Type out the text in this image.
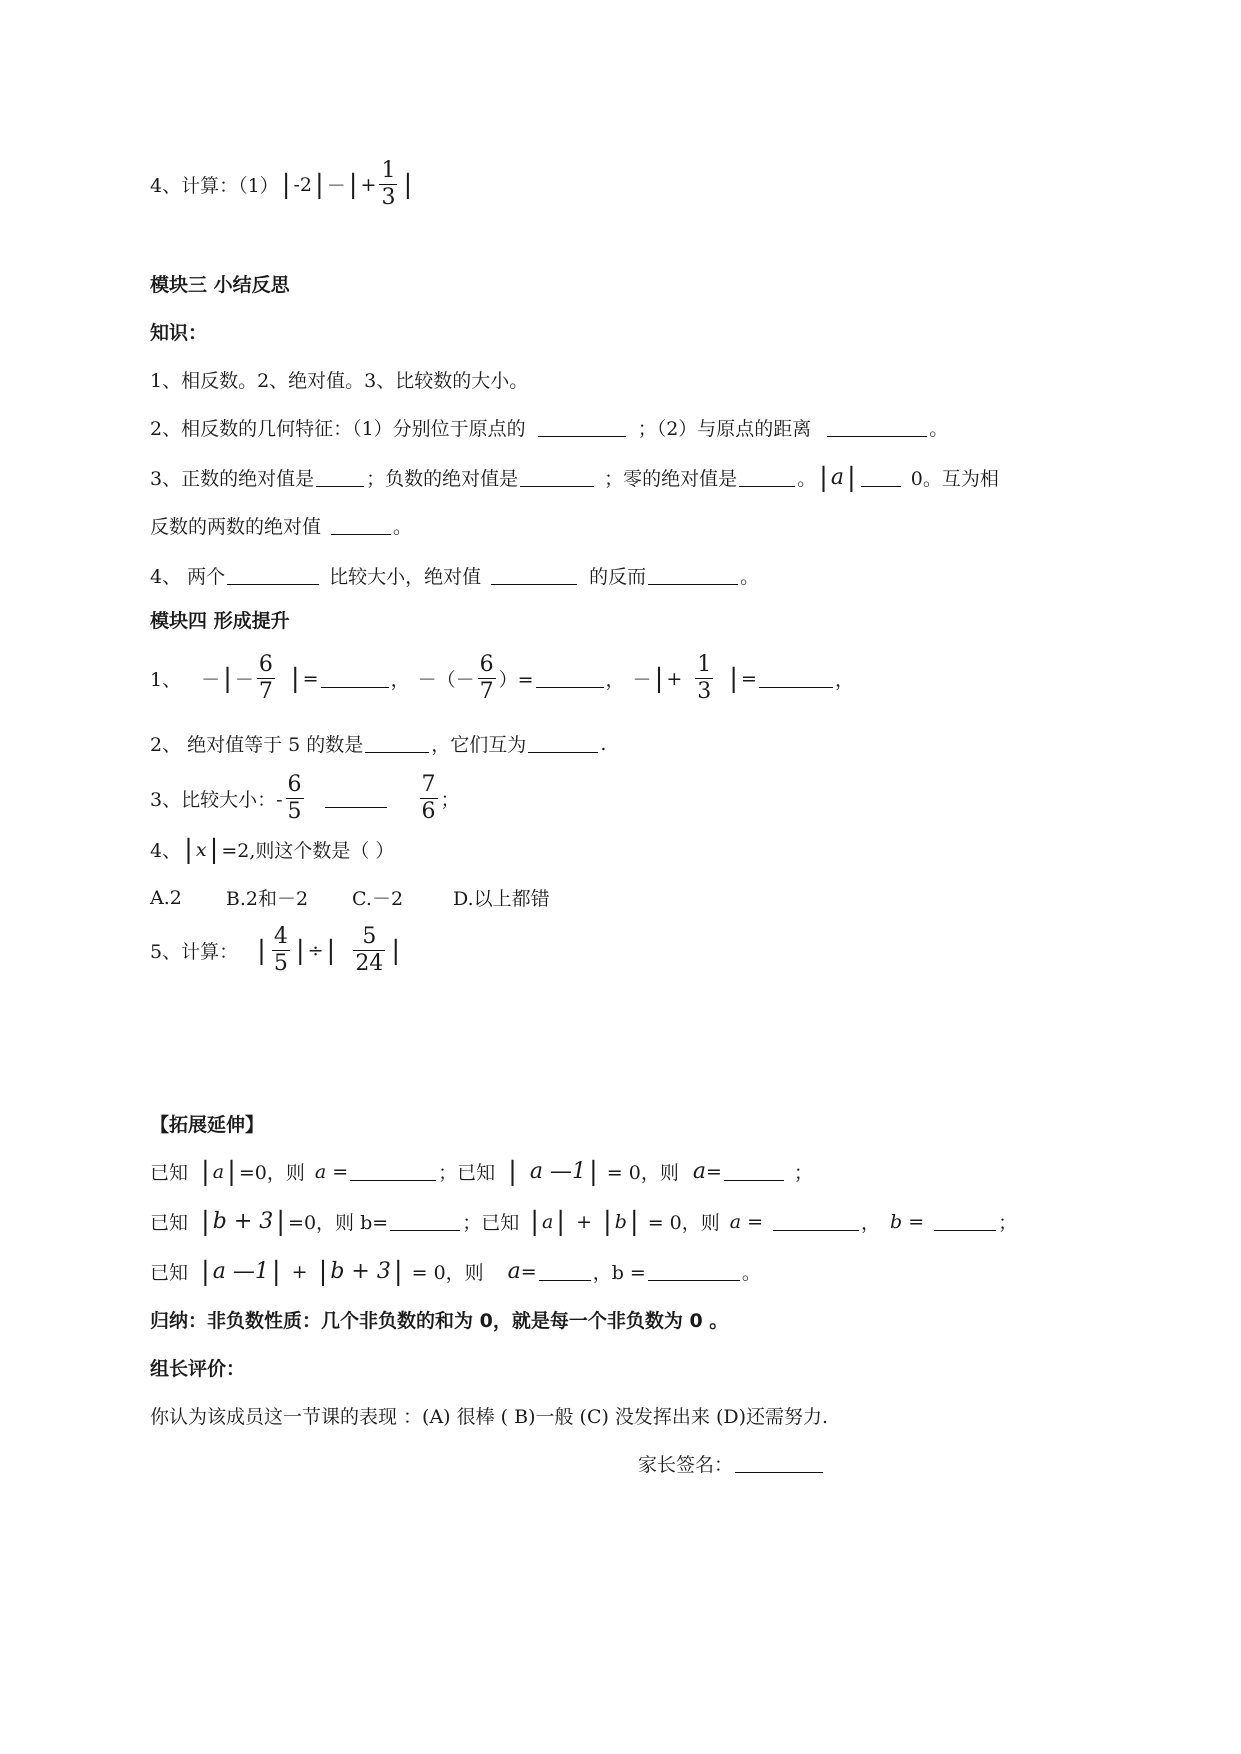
4、计算：（1） | -2 | － | + $\frac{1}{3}$ |
模块三 小结反思
知识：
1、相反数。2、绝对值。3、比较数的大小。
2、相反数的几何特征：（1）分别位于原点的	；（2）与原点的距离	。
3、正数的绝对值是	；负数的绝对值是	；零的绝对值是	。 | a |	0。互为相
反数的两数的绝对值	。
4、 两个	比较大小，绝对值	的反而	。
模块四 形成提升
1、 － | － $\frac{6}{7}$ | =	， －（－ $\frac{6}{7}$ ）=	， － | + $\frac{1}{3}$ | =	，
2、 绝对值等于 5 的数是	，它们互为	.
3、比较大小：- $\frac{6}{5}$	$\frac{7}{6}$ ；
4、 | x | =2,则这个数是（ ）
A.2 B.2和－2 C.－2	D.以上都错
5、计算： | $\frac{4}{5}$ | ÷ | $\frac{5}{24}$ |
【拓展延伸】
已知 | a | =0，则 a =	；已知 | a —1 | = 0，则 a =	；
已知 | b + 3 | =0，则 b=	；已知 | a | + | b | = 0，则 a =	， b =	；
已知 | a —1 | + | b + 3 | = 0，则 a =	，b =	。
归纳：非负数性质：几个非负数的和为 0，就是每一个非负数为 0 。
组长评价：
你认为该成员这一节课的表现 ：(A) 很棒 ( B)一般 (C) 没发挥出来 (D)还需努力.
家长签名：
